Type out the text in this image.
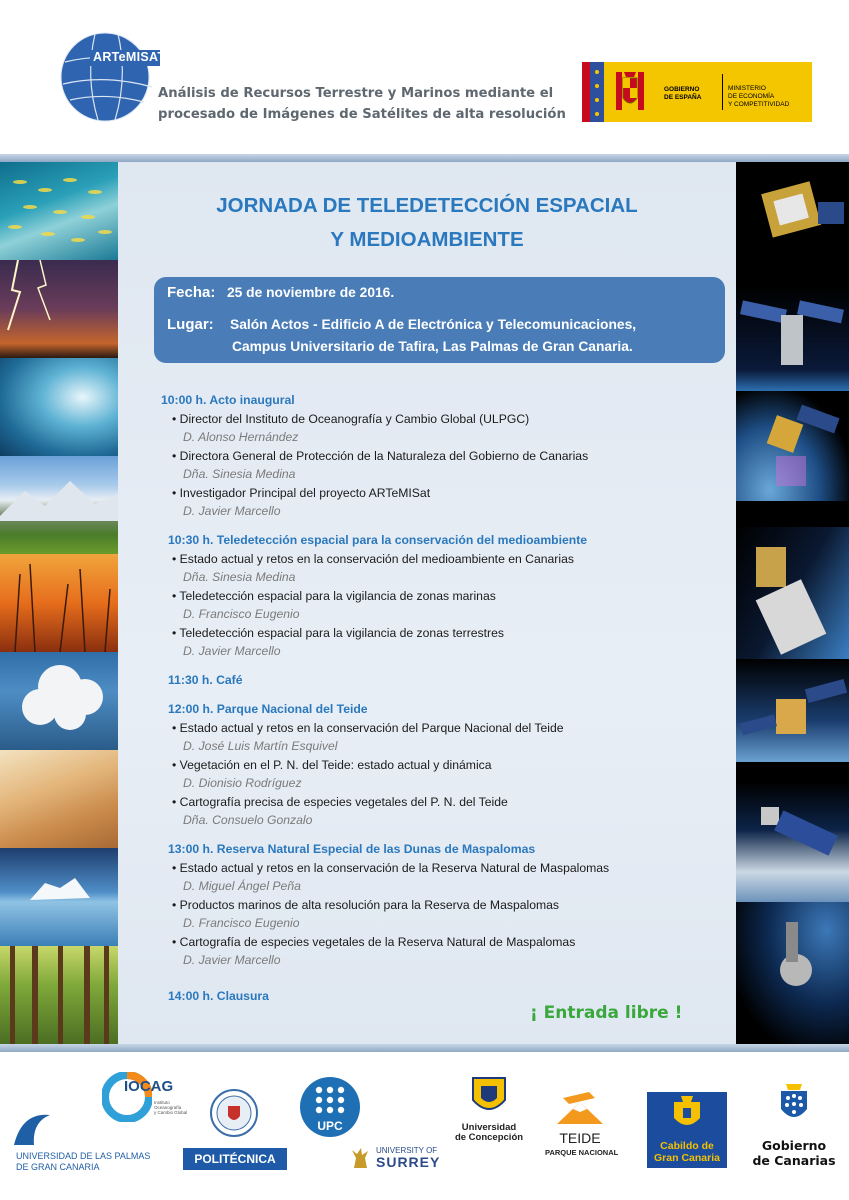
ARTeMISAT
Análisis de Recursos Terrestre y Marinos mediante el
procesado de Imágenes de Satélites de alta resolución
GOBIERNO
DE ESPAÑA
MINISTERIO
DE ECONOMÍA
Y COMPETITIVIDAD
JORNADA DE TELEDETECCIÓN ESPACIAL
Y MEDIOAMBIENTE
Fecha: 25 de noviembre de 2016.
Lugar: Salón Actos - Edificio A de Electrónica y Telecomunicaciones,
Campus Universitario de Tafira, Las Palmas de Gran Canaria.
10:00 h. Acto inaugural
• Director del Instituto de Oceanografía y Cambio Global (ULPGC)
D. Alonso Hernández
• Directora General de Protección de la Naturaleza del Gobierno de Canarias
Dña. Sinesia Medina
• Investigador Principal del proyecto ARTeMISat
D. Javier Marcello
10:30 h. Teledetección espacial para la conservación del medioambiente
• Estado actual y retos en la conservación del medioambiente en Canarias
Dña. Sinesia Medina
• Teledetección espacial para la vigilancia de zonas marinas
D. Francisco Eugenio
• Teledetección espacial para la vigilancia de zonas terrestres
D. Javier Marcello
11:30 h. Café
12:00 h. Parque Nacional del Teide
• Estado actual y retos en la conservación del Parque Nacional del Teide
D. José Luis Martín Esquivel
• Vegetación en el P. N. del Teide: estado actual y dinámica
D. Dionisio Rodríguez
• Cartografía precisa de especies vegetales del P. N. del Teide
Dña. Consuelo Gonzalo
13:00 h. Reserva Natural Especial de las Dunas de Maspalomas
• Estado actual y retos en la conservación de la Reserva Natural de Maspalomas
D. Miguel Ángel Peña
• Productos marinos de alta resolución para la Reserva de Maspalomas
D. Francisco Eugenio
• Cartografía de especies vegetales de la Reserva Natural de Maspalomas
D. Javier Marcello
14:00 h. Clausura
¡ Entrada libre !
UNIVERSIDAD DE LAS PALMAS
DE GRAN CANARIA
IOCAG
Instituto
Oceanografía
y Cambio Global
POLITÉCNICA
UPC
UNIVERSITY OF
SURREY
Universidad
de Concepción	TEIDE
PARQUE NACIONAL
Cabildo de
Gran Canaria
Gobierno
de Canarias
